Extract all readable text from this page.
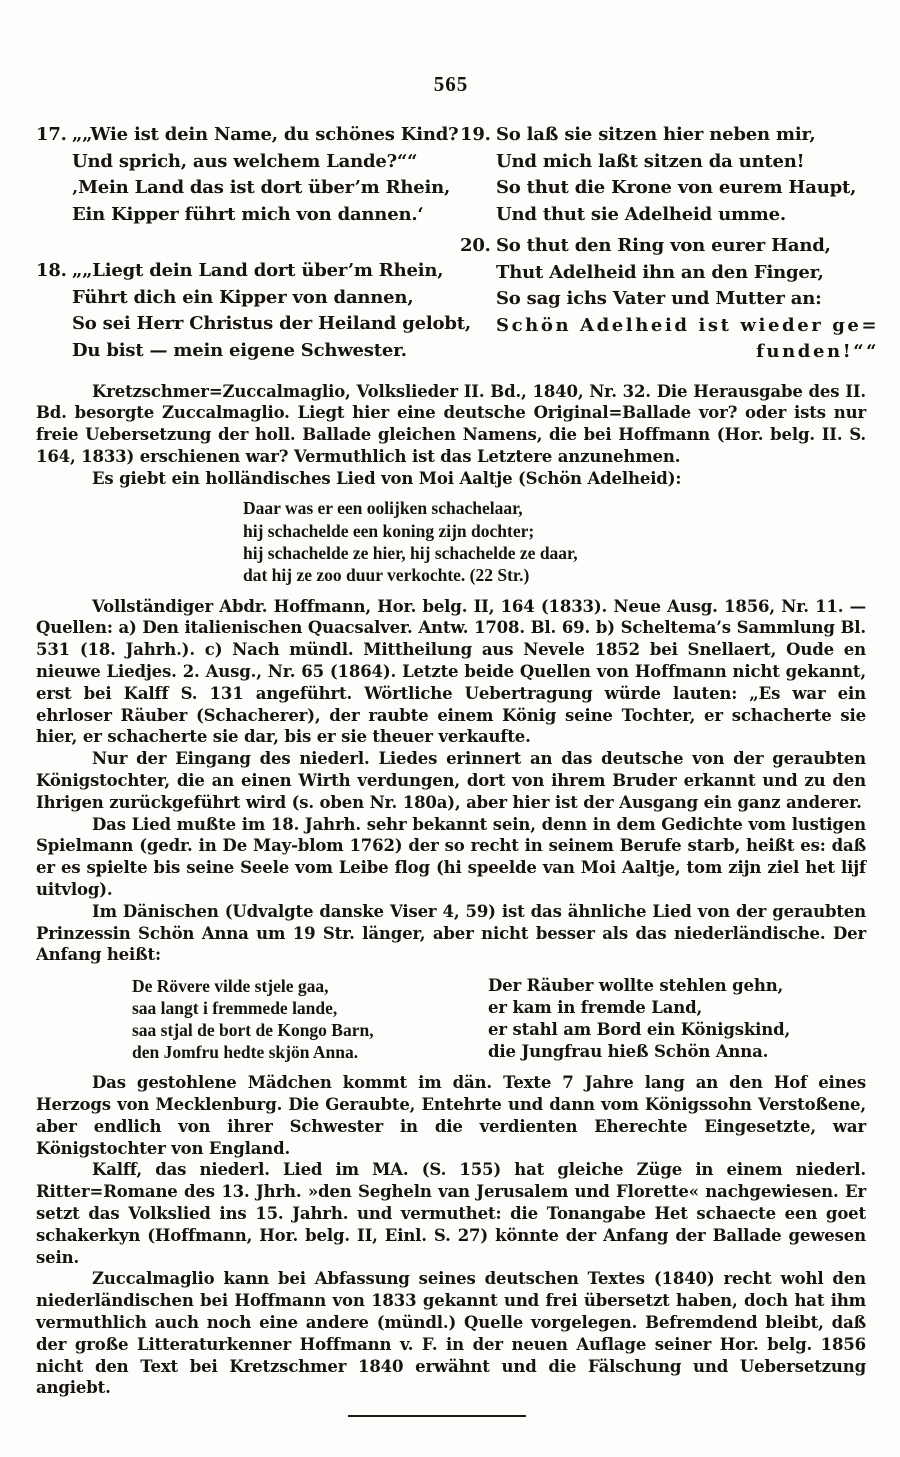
565
17. „„Wie ist dein Name, du schönes Kind?
Und sprich, aus welchem Lande?““
‚Mein Land das ist dort über’m Rhein,
Ein Kipper führt mich von dannen.‘
18. „„Liegt dein Land dort über’m Rhein,
Führt dich ein Kipper von dannen,
So sei Herr Christus der Heiland gelobt,
Du bist — mein eigene Schwester.
19. So laß sie sitzen hier neben mir,
Und mich laßt sitzen da unten!
So thut die Krone von eurem Haupt,
Und thut sie Adelheid umme.
20. So thut den Ring von eurer Hand,
Thut Adelheid ihn an den Finger,
So sag ichs Vater und Mutter an:
Schön Adelheid ist wieder ge=
funden!““

Kretzschmer=Zuccalmaglio, Volkslieder II. Bd., 1840, Nr. 32. Die Herausgabe des II. Bd. besorgte Zuccalmaglio. Liegt hier eine deutsche Original=Ballade vor? oder ists nur freie Uebersetzung der holl. Ballade gleichen Namens, die bei Hoffmann (Hor. belg. II. S. 164, 1833) erschienen war? Vermuthlich ist das Letztere anzunehmen.

Es giebt ein holländisches Lied von Moi Aaltje (Schön Adelheid):

Daar was er een oolijken schachelaar,
hij schachelde een koning zijn dochter;
hij schachelde ze hier, hij schachelde ze daar,
dat hij ze zoo duur verkochte. (22 Str.)

Vollständiger Abdr. Hoffmann, Hor. belg. II, 164 (1833). Neue Ausg. 1856, Nr. 11. — Quellen: a) Den italienischen Quacsalver. Antw. 1708. Bl. 69. b) Scheltema’s Sammlung Bl. 531 (18. Jahrh.). c) Nach mündl. Mittheilung aus Nevele 1852 bei Snellaert, Oude en nieuwe Liedjes. 2. Ausg., Nr. 65 (1864). Letzte beide Quellen von Hoffmann nicht gekannt, erst bei Kalff S. 131 angeführt. Wörtliche Uebertragung würde lauten: „Es war ein ehrloser Räuber (Schacherer), der raubte einem König seine Tochter, er schacherte sie hier, er schacherte sie dar, bis er sie theuer verkaufte.

Nur der Eingang des niederl. Liedes erinnert an das deutsche von der geraubten Königstochter, die an einen Wirth verdungen, dort von ihrem Bruder erkannt und zu den Ihrigen zurückgeführt wird (s. oben Nr. 180a), aber hier ist der Ausgang ein ganz anderer.

Das Lied mußte im 18. Jahrh. sehr bekannt sein, denn in dem Gedichte vom lustigen Spielmann (gedr. in De May-blom 1762) der so recht in seinem Berufe starb, heißt es: daß er es spielte bis seine Seele vom Leibe flog (hi speelde van Moi Aaltje, tom zijn ziel het lijf uitvlog).

Im Dänischen (Udvalgte danske Viser 4, 59) ist das ähnliche Lied von der geraubten Prinzessin Schön Anna um 19 Str. länger, aber nicht besser als das niederländische. Der Anfang heißt:

De Rövere vilde stjele gaa,
saa langt i fremmede lande,
saa stjal de bort de Kongo Barn,
den Jomfru hedte skjön Anna.
Der Räuber wollte stehlen gehn,
er kam in fremde Land,
er stahl am Bord ein Königskind,
die Jungfrau hieß Schön Anna.

Das gestohlene Mädchen kommt im dän. Texte 7 Jahre lang an den Hof eines Herzogs von Mecklenburg. Die Geraubte, Entehrte und dann vom Königssohn Verstoßene, aber endlich von ihrer Schwester in die verdienten Eherechte Eingesetzte, war Königstochter von England.

Kalff, das niederl. Lied im MA. (S. 155) hat gleiche Züge in einem niederl. Ritter=Romane des 13. Jhrh. »den Segheln van Jerusalem und Florette« nachgewiesen. Er setzt das Volkslied ins 15. Jahrh. und vermuthet: die Tonangabe Het schaecte een goet schakerkyn (Hoffmann, Hor. belg. II, Einl. S. 27) könnte der Anfang der Ballade gewesen sein.

Zuccalmaglio kann bei Abfassung seines deutschen Textes (1840) recht wohl den niederländischen bei Hoffmann von 1833 gekannt und frei übersetzt haben, doch hat ihm vermuthlich auch noch eine andere (mündl.) Quelle vorgelegen. Befremdend bleibt, daß der große Litteraturkenner Hoffmann v. F. in der neuen Auflage seiner Hor. belg. 1856 nicht den Text bei Kretzschmer 1840 erwähnt und die Fälschung und Uebersetzung angiebt.
